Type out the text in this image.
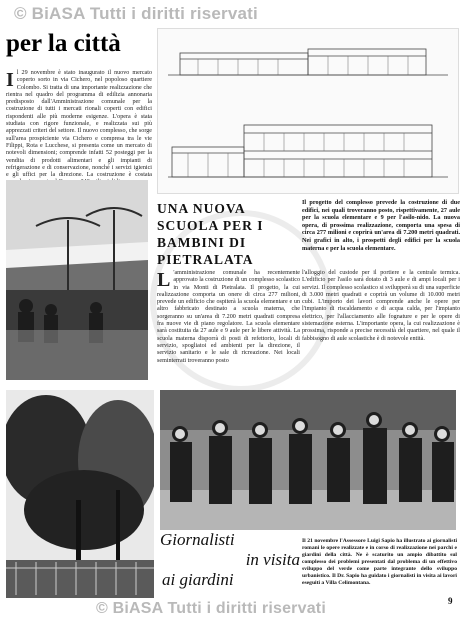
© BiASA Tutti i diritti riservati
per la città
I l 29 novembre è stato inaugurato il nuovo mercato coperto sorto in via Cichero, nel popoloso quartiere Colombo. Si tratta di una importante realizzazione che rientra nel quadro del programma di edilizia annonaria predisposto dall'Amministrazione comunale per la costruzione di tutti i mercati rionali coperti con edifici rispondenti alle più moderne esigenze. L'opera è stata studiata con rigore funzionale, e realizzata sui più apprezzati criteri del settore. Il nuovo complesso, che sorge sull'area prospiciente via Cichero e compresa tra le vie Filippi, Rota e Lucchese, si presenta come un mercato di notevoli dimensioni; comprende infatti 52 posteggi per la vendita di prodotti alimentari e gli impianti di refrigerazione e di conservazione, nonché i servizi igienici e gli uffici per la direzione. La costruzione è costata
UNA NUOVA SCUOLA PER I BAMBINI DI PIETRALATA
Il progetto del complesso prevede la costruzione di due edifici, nei quali troveranno posto, rispettivamente, 27 aule per la scuola elementare e 9 per l'asilo-nido. La nuova opera, di prossima realizzazione, comporta una spesa di circa 277 milioni e coprirà un'area di 7.200 metri quadrati. Nei grafici in alto, i prospetti degli edifici per la scuola materna e per la scuola elementare.
L 'amministrazione comunale ha recentemente approvato la costruzione di un complesso scolastico in via Monti di Pietralata. Il progetto, la cui realizzazione comporta un onere di circa 277 milioni, prevede un edificio che ospiterà la scuola elementare e un altro fabbricato destinato a scuola materna, che sorgeranno su un'area di 7.200 metri quadrati compresa fra nuove vie di piano regolatore. La scuola elementare sarà costituita da 27 aule e 9 aule per le libere attività. La scuola materna disporrà di posti di refettorio, locali di servizio, spogliatoi ed ambienti per la direzione, il servizio sanitario e le sale di ricreazione. Nei locali seminterrati troveranno posto
l'alloggio del custode per il portiere e la centrale termica. L'edificio per l'asilo sarà dotato di 3 aule e di ampi locali per i servizi. Il complesso scolastico si svilupperà su di una superficie di 3.000 metri quadrati e coprirà un volume di 10.000 metri cubi. L'importo dei lavori comprende anche le opere per l'impianto di riscaldamento e di acqua calda, per l'impianto elettrico, per l'allacciamento alle fognature e per le opere di sistemazione esterna. L'importante opera, la cui realizzazione è prossima, risponde a precise necessità del quartiere, nel quale il fabbisogno di aule scolastiche è di notevole entità.
Giornalisti
in visita
ai giardini
Il 21 novembre l'Assessore Luigi Sapio ha illustrato ai giornalisti romani le opere realizzate e in corso di realizzazione nei parchi e giardini della città. Ne è scaturito un ampio dibattito sul complesso dei problemi presentati dal problema di un effettivo sviluppo del verde come parte integrante dello sviluppo urbanistico. Il Dr. Sapio ha guidato i giornalisti in visita ai lavori eseguiti a Villa Celimontana.
© BiASA Tutti i diritti riservati	9
